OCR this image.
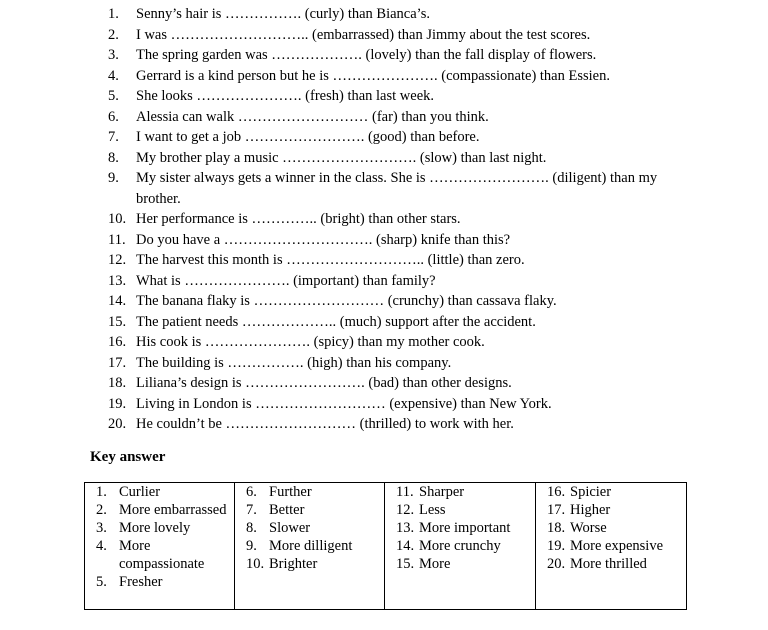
1.	Senny’s hair is ……………. (curly) than Bianca’s.
2.	I was ……………………….. (embarrassed) than Jimmy about the test scores.
3.	The spring garden was ………………. (lovely) than the fall display of flowers.
4.	Gerrard is a kind person but he is …………………. (compassionate) than Essien.
5.	She looks …………………. (fresh) than last week.
6.	Alessia can walk ……………………… (far) than you think.
7.	I want to get a job ……………………. (good) than before.
8.	My brother play a music ………………………. (slow) than last night.
9.	My sister always gets a winner in the class. She is ……………………. (diligent) than my brother.
10. Her performance is ………….. (bright) than other stars.
11. Do you have a …………………………. (sharp) knife than this?
12. The harvest this month is ……………………….. (little) than zero.
13. What is …………………. (important) than family?
14. The banana flaky is ……………………… (crunchy) than cassava flaky.
15. The patient needs ……………….. (much) support after the accident.
16. His cook is …………………. (spicy) than my mother cook.
17. The building is ……………. (high) than his company.
18. Liliana’s design is ……………………. (bad) than other designs.
19. Living in London is ……………………… (expensive) than New York.
20. He couldn’t be ……………………… (thrilled) to work with her.
Key answer
1. Curlier
2. More embarrassed
3. More lovely
4. More compassionate
5. Fresher

6. Further
7. Better
8. Slower
9. More dilligent
10. Brighter

11. Sharper
12. Less
13. More important
14. More crunchy
15. More

16. Spicier
17. Higher
18. Worse
19. More expensive
20. More thrilled
